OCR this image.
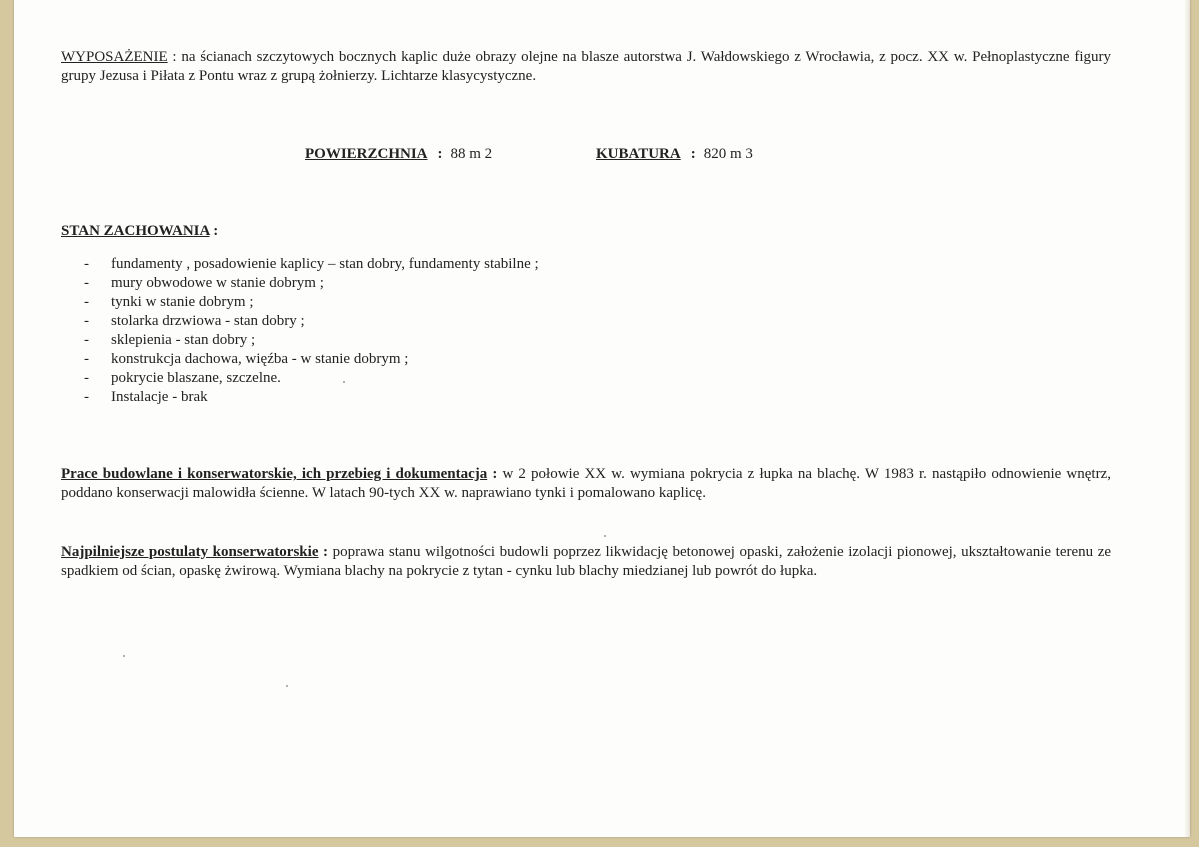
WYPOSAŻENIE : na ścianach szczytowych bocznych kaplic duże obrazy olejne na blasze autorstwa J. Wałdowskiego z Wrocławia, z pocz. XX w. Pełnoplastyczne figury grupy Jezusa i Piłata z Pontu wraz z grupą żołnierzy. Lichtarze klasycystyczne.
POWIERZCHNIA : 88 m 2	KUBATURA : 820 m 3
STAN ZACHOWANIA :
- fundamenty , posadowienie kaplicy – stan dobry, fundamenty stabilne ;
- mury obwodowe w stanie dobrym ;
- tynki w stanie dobrym ;
- stolarka drzwiowa - stan dobry ;
- sklepienia - stan dobry ;
- konstrukcja dachowa, więźba - w stanie dobrym ;
- pokrycie blaszane, szczelne.
- Instalacje - brak
Prace budowlane i konserwatorskie, ich przebieg i dokumentacja : w 2 połowie XX w. wymiana pokrycia z łupka na blachę. W 1983 r. nastąpiło odnowienie wnętrz, poddano konserwacji malowidła ścienne. W latach 90-tych XX w. naprawiano tynki i pomalowano kaplicę.
Najpilniejsze postulaty konserwatorskie : poprawa stanu wilgotności budowli poprzez likwidację betonowej opaski, założenie izolacji pionowej, ukształtowanie terenu ze spadkiem od ścian, opaskę żwirową. Wymiana blachy na pokrycie z tytan - cynku lub blachy miedzianej lub powrót do łupka.
